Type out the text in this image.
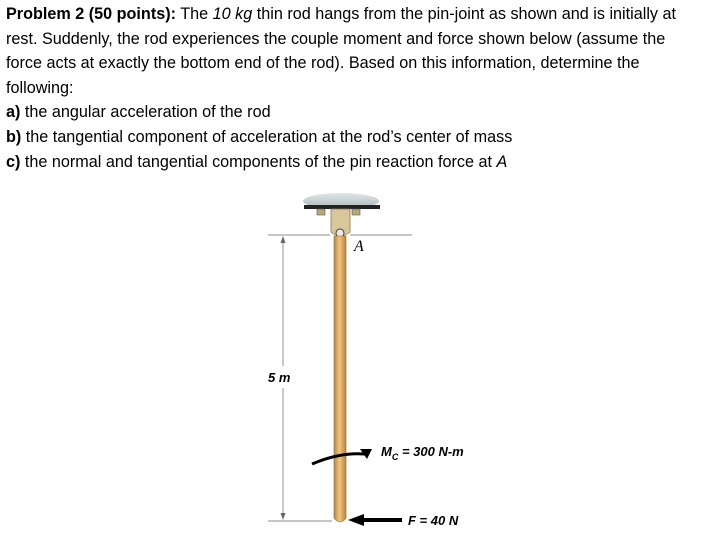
Problem 2 (50 points): The 10 kg thin rod hangs from the pin-joint as shown and is initially at
rest. Suddenly, the rod experiences the couple moment and force shown below (assume the
force acts at exactly the bottom end of the rod). Based on this information, determine the
following:
a) the angular acceleration of the rod
b) the tangential component of acceleration at the rod’s center of mass
c) the normal and tangential components of the pin reaction force at A
A
5 m
$M_C = 300$ N-m
F = 40 N
